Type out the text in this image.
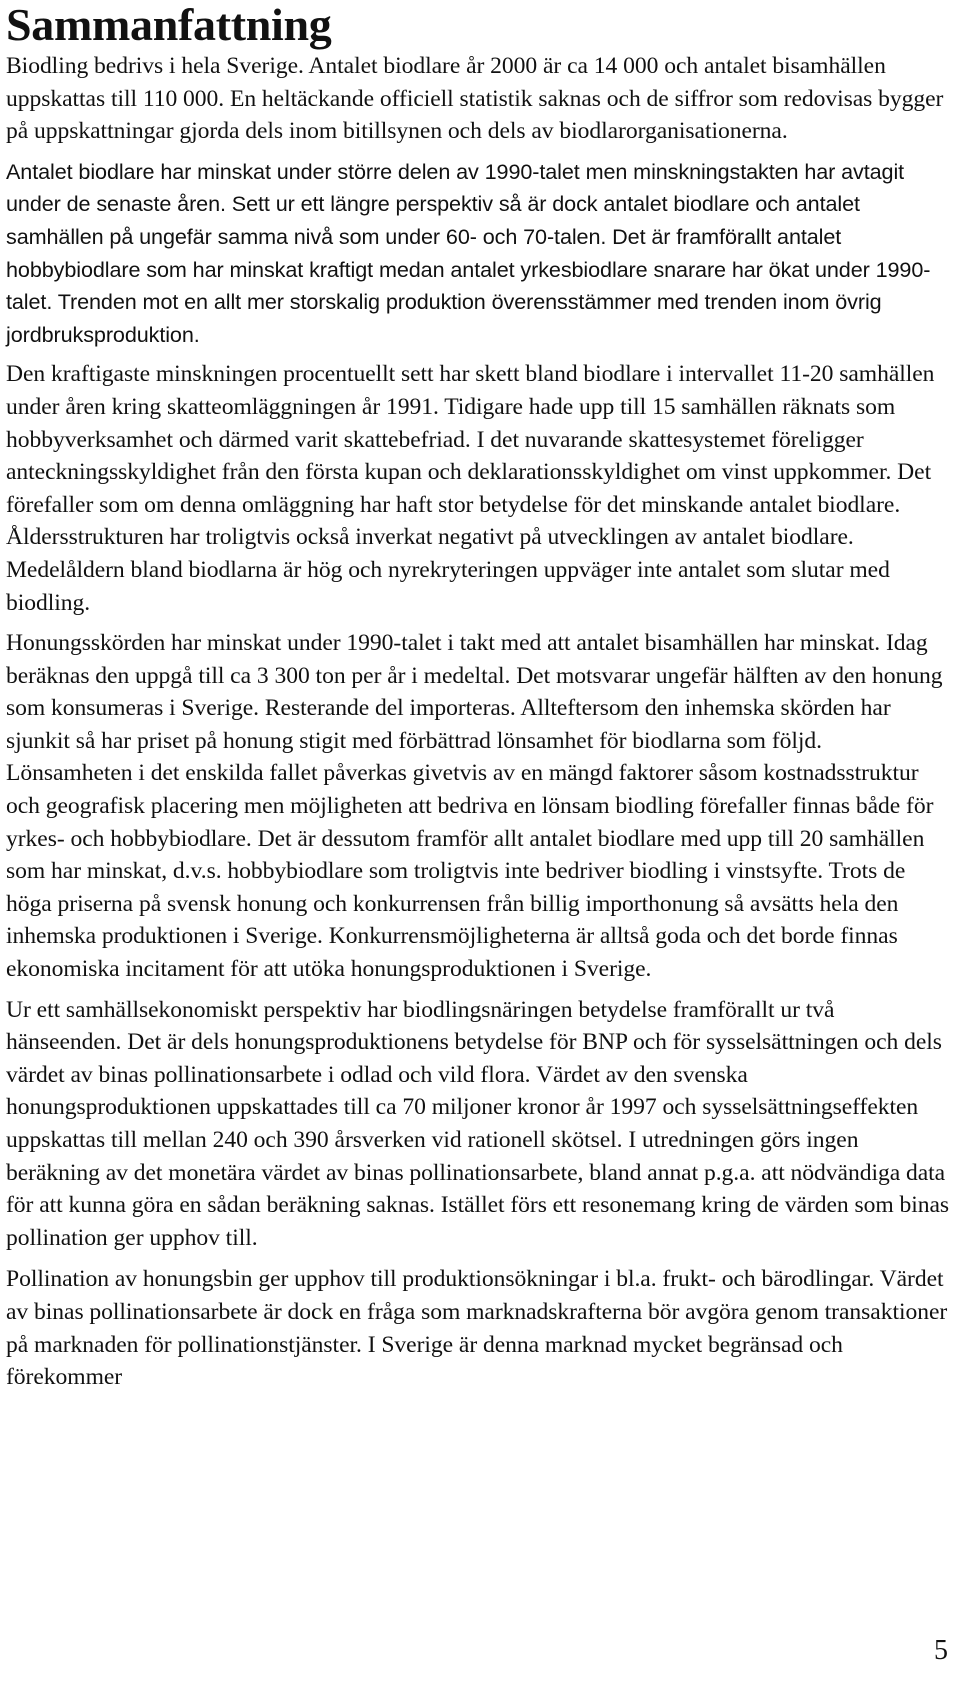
Sammanfattning

Biodling bedrivs i hela Sverige. Antalet biodlare år 2000 är ca 14 000 och antalet bisamhällen uppskattas till 110 000. En heltäckande officiell statistik saknas och de siffror som redovisas bygger på uppskattningar gjorda dels inom bitillsynen och dels av biodlarorganisationerna.

Antalet biodlare har minskat under större delen av 1990-talet men minskningstakten har avtagit under de senaste åren. Sett ur ett längre perspektiv så är dock antalet biodlare och antalet samhällen på ungefär samma nivå som under 60- och 70-talen. Det är framförallt antalet hobbybiodlare som har minskat kraftigt medan antalet yrkesbiodlare snarare har ökat under 1990-talet. Trenden mot en allt mer storskalig produktion överensstämmer med trenden inom övrig jordbruksproduktion.

Den kraftigaste minskningen procentuellt sett har skett bland biodlare i intervallet 11-20 samhällen under åren kring skatteomläggningen år 1991. Tidigare hade upp till 15 samhällen räknats som hobbyverksamhet och därmed varit skattebefriad. I det nuvarande skattesystemet föreligger anteckningsskyldighet från den första kupan och deklarationsskyldighet om vinst uppkommer. Det förefaller som om denna omläggning har haft stor betydelse för det minskande antalet biodlare. Åldersstrukturen har troligtvis också inverkat negativt på utvecklingen av antalet biodlare. Medelåldern bland biodlarna är hög och nyrekryteringen uppväger inte antalet som slutar med biodling.

Honungsskörden har minskat under 1990-talet i takt med att antalet bisamhällen har minskat. Idag beräknas den uppgå till ca 3 300 ton per år i medeltal. Det motsvarar ungefär hälften av den honung som konsumeras i Sverige. Resterande del importeras. Allteftersom den inhemska skörden har sjunkit så har priset på honung stigit med förbättrad lönsamhet för biodlarna som följd. Lönsamheten i det enskilda fallet påverkas givetvis av en mängd faktorer såsom kostnadsstruktur och geografisk placering men möjligheten att bedriva en lönsam biodling förefaller finnas både för yrkes- och hobbybiodlare. Det är dessutom framför allt antalet biodlare med upp till 20 samhällen som har minskat, d.v.s. hobbybiodlare som troligtvis inte bedriver biodling i vinstsyfte. Trots de höga priserna på svensk honung och konkurrensen från billig importhonung så avsätts hela den inhemska produktionen i Sverige. Konkurrensmöjligheterna är alltså goda och det borde finnas ekonomiska incitament för att utöka honungsproduktionen i Sverige.

Ur ett samhällsekonomiskt perspektiv har biodlingsnäringen betydelse framförallt ur två hänseenden. Det är dels honungsproduktionens betydelse för BNP och för sysselsättningen och dels värdet av binas pollinationsarbete i odlad och vild flora. Värdet av den svenska honungsproduktionen uppskattades till ca 70 miljoner kronor år 1997 och sysselsättningseffekten uppskattas till mellan 240 och 390 årsverken vid rationell skötsel. I utredningen görs ingen beräkning av det monetära värdet av binas pollinationsarbete, bland annat p.g.a. att nödvändiga data för att kunna göra en sådan beräkning saknas. Istället förs ett resonemang kring de värden som binas pollination ger upphov till.

Pollination av honungsbin ger upphov till produktionsökningar i bl.a. frukt- och bärodlingar. Värdet av binas pollinationsarbete är dock en fråga som marknadskrafterna bör avgöra genom transaktioner på marknaden för pollinationstjänster. I Sverige är denna marknad mycket begränsad och förekommer

5
